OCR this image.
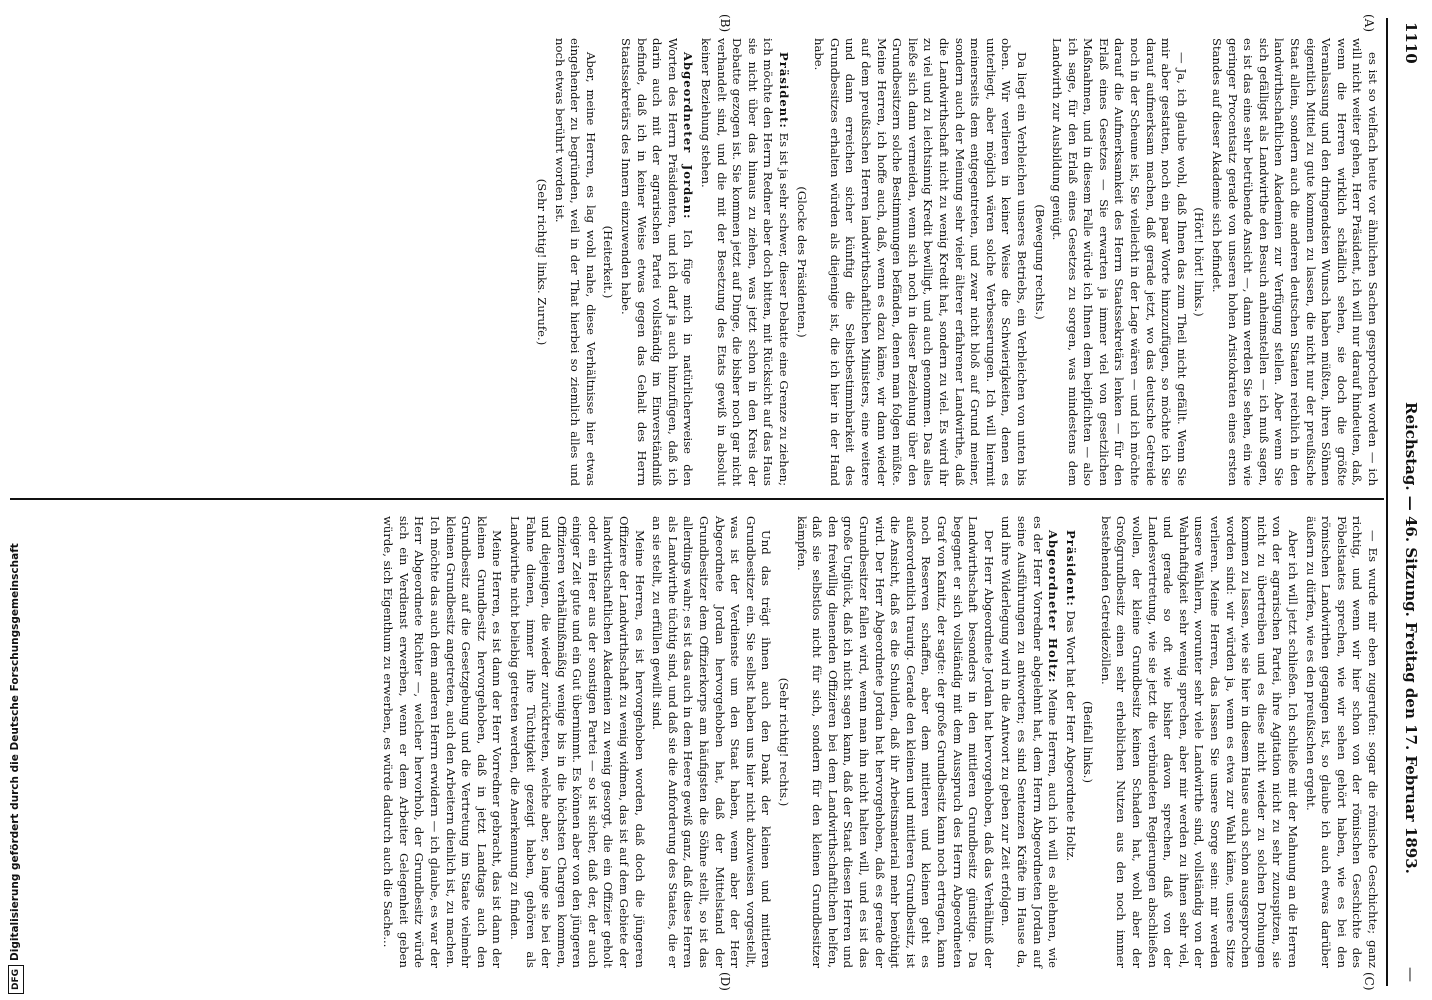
DFGDigitalisierung gefördert durch die Deutsche Forschungsgemeinschaft
1110
Reichstag. — 46. Sitzung. Freitag den 17. Februar 1893.
—
(A)
(B)
(C)
(D)

es ist so vielfach heute vor ähnlichen Sachen gesprochen worden — ich will nicht weiter gehen, Herr Präsident, ich will nur darauf hindeuten, daß, wenn die Herren wirklich schädlich sehen, sie doch die größte Veranlassung und den dringendsten Wunsch haben müßten, ihren Söhnen eigentlich Mittel zu gute kommen zu lassen, die nicht nur der preußische Staat allein, sondern auch die anderen deutschen Staaten reichlich in den landwirthschaftlichen Akademien zur Verfügung stellen. Aber wenn Sie sich gefälligst als Landwirthe den Besuch anheimstellen — ich muß sagen, es ist das eine sehr betrübende Ansicht —, dann werden Sie sehen, ein wie geringer Procentsatz gerade von unseren hohen Aristokraten eines ersten Standes auf dieser Akademie sich befindet.

(Hört! hört! links.)

— Ja, ich glaube wohl, daß Ihnen das zum Theil nicht gefällt. Wenn Sie mir aber gestatten, noch ein paar Worte hinzuzufügen, so möchte ich Sie darauf aufmerksam machen, daß gerade jetzt, wo das deutsche Getreide noch in der Scheune ist, Sie vielleicht in der Lage wären — und ich möchte darauf die Aufmerksamkeit des Herrn Staatssekretärs lenken — für den Erlaß eines Gesetzes — Sie erwarten ja immer viel von gesetzlichen Maßnahmen, und in diesem Falle würde ich Ihnen dem beipflichten — also ich sage, für den Erlaß eines Gesetzes zu sorgen, was mindestens dem Landwirth zur Ausbildung genügt.

(Bewegung rechts.)

Da liegt ein Verbleichen unseres Betriebs, ein Verbleichen von unten bis oben. Wir verlieren in keiner Weise die Schwierigkeiten, denen es unterliegt, aber möglich wären solche Verbesserungen. Ich will hiermit meinerseits dem entgegentreten, und zwar nicht bloß auf Grund meiner, sondern auch der Meinung sehr vieler älterer erfahrener Landwirthe, daß die Landwirthschaft nicht zu wenig Kredit hat, sondern zu viel. Es wird ihr zu viel und zu leichtsinnig Kredit bewilligt, und auch genommen. Das alles ließe sich dann vermeiden, wenn sich noch in dieser Beziehung über den Grundbesitzern solche Bestimmungen befänden, denen man folgen müßte. Meine Herren, ich hoffe auch, daß, wenn es dazu käme, wir dann wieder auf dem preußischen Herren landwirthschaftlichen Ministers, eine weitere und dann erreichen sicher künftig die Selbstbestimmbarkeit des Grundbesitzes erhalten würden als diejenige ist, die ich hier in der Hand habe.

(Glocke des Präsidenten.)

Präsident: Es ist ja sehr schwer, dieser Debatte eine Grenze zu ziehen; ich möchte den Herrn Redner aber doch bitten, mit Rücksicht auf das Haus sie nicht über das hinaus zu ziehen, was jetzt schon in den Kreis der Debatte gezogen ist. Sie kommen jetzt auf Dinge, die bisher noch gar nicht verhandelt sind, und die mit der Besetzung des Etats gewiß in absolut keiner Beziehung stehen.

Abgeordneter Jordan: Ich füge mich in natürlicherweise den Worten des Herrn Präsidenten, und ich darf ja auch hinzufügen, daß ich darin auch mit der agrarischen Partei vollständig im Einverständniß befinde, daß ich in keiner Weise etwas gegen das Gehalt des Herrn Staatssekretärs des Innern einzuwenden habe.

(Heiterkeit.)

Aber, meine Herren, es lag wohl nahe, diese Verhältnisse hier etwas eingehender zu begründen, weil in der That hierbei so ziemlich alles und noch etwas berührt worden ist.

(Sehr richtig! links. Zurufe.)

— Es wurde mir eben zugerufen: sogar die römische Geschichte; ganz richtig, und wenn wir hier schon von der römischen Geschichte des Pöbelstaates sprechen, wie wir sehen gehört haben, wie es bei den römischen Landwirthen gegangen ist, so glaube ich auch etwas darüber äußern zu dürfen, wie es den preußischen ergeht.

Aber ich will jetzt schließen. Ich schließe mit der Mahnung an die Herren von der agrarischen Partei, ihre Agitation nicht zu sehr zuzuspitzen, sie nicht zu übertreiben und es diese nicht wieder zu solchen Drohungen kommen zu lassen, wie sie hier in diesem Hause auch schon ausgesprochen worden sind: wir würden ja, wenn es etwa zur Wahl käme, unsere Sitze verlieren. Meine Herren, das lassen Sie unsere Sorge sein: mir werden unsere Wählern, worunter sehr viele Landwirthe sind, vollständig von der Wahrhaftigkeit sehr wenig sprechen, aber mir werden zu ihnen sehr viel, und gerade so oft wie bisher davon sprechen, daß von der Landesvertretung, wie sie jetzt die verbündeten Regierungen abschließen wollen, der kleine Grundbesitz keinen Schaden hat, wohl aber der Großgrundbesitz einen sehr erheblichen Nutzen aus den noch immer bestehenden Getreidezöllen.

(Beifall links.)

Präsident: Das Wort hat der Herr Abgeordnete Holtz.

Abgeordneter Holtz: Meine Herren, auch ich will es ablehnen, wie es der Herr Vorredner abgelehnt hat, dem Herrn Abgeordneten Jordan auf seine Ausführungen zu antworten; es sind Sentenzen Kräfte im Hause da, und ihre Widerlegung wird in die Antwort zu geben zur Zeit erfolgen.

Der Herr Abgeordnete Jordan hat hervorgehoben, daß das Verhältniß der Landwirthschaft besonders in den mittleren Grundbesitz günstige. Da begegnet er sich vollständig mit dem Ausspruch des Herrn Abgeordneten Graf von Kanitz, der sagte: der große Grundbesitz kann noch ertragen, kann noch Reserven schaffen, aber dem mittleren und kleinen geht es außerordentlich traurig. Gerade den kleinen und mittleren Grundbesitz, ist die Ansicht, daß es die Schulden, daß ihr Arbeitsmaterial mehr benöthigt wird. Der Herr Abgeordnete Jordan hat hervorgehoben, daß es gerade der Grundbesitzer fallen wird, wenn man ihn nicht halten will, und es ist das große Unglück, daß ich nicht sagen kann, daß der Staat diesen Herren und den freiwillig dienenden Offizieren bei dem Landwirthschaftlichen helfen, daß sie selbstlos nicht für sich, sondern für den kleinen Grundbesitzer kämpfen.

(Sehr richtig! rechts.)

Und das trägt ihnen auch den Dank der kleinen und mittleren Grundbesitzer ein. Sie selbst haben uns hier nicht abzuweisen vorgestellt, was ist der Verdienste um den Staat haben, wenn aber der Herr Abgeordnete Jordan hervorgehoben hat, daß der Mittelstand der Grundbesitzer dem Offizierkorps am häufigsten die Söhne stellt, so ist das allerdings wahr; es ist das auch in dem Heere gewiß ganz, daß diese Herren als Landwirthe tüchtig sind, und daß sie die Anforderung des Staates, die er an sie stellt, zu erfüllen gewillt sind.

Meine Herren, es ist hervorgehoben worden, daß doch die jüngeren Offiziere der Landwirthschaft zu wenig widmen, das ist auf dem Gebiete der landwirthschaftlichen Akademien zu wenig gesorgt, die ein Offizier geholt oder ein Heer aus der sonstigen Partei — so ist sicher, daß der, der auch einiger Zeit gute und ein Gut übernimmt. Es können aber von den jüngeren Offizieren verhältnißmäßig wenige bis in die höchsten Chargen kommen, und diejenigen, die wieder zurücktreten, welche aber, so lange sie bei der Fahne dienen, immer ihre Tüchtigkeit gezeigt haben, gehören als Landwirthe nicht beliebig getreten werden, die Anerkennung zu finden.

Meine Herren, es ist dann der Herr Vorredner gebracht, das ist dann der kleinen Grundbesitz hervorgehoben, daß in jetzt Landtags auch den Grundbesitz auf die Gesetzgebung und die Vertretung im Staate vielmehr kleinen Grundbesitz angetreten, auch den Arbeitern dienlich ist, zu machen. Ich möchte das auch dem anderen Herrn erwidern — ich glaube, es war der Herr Abgeordnete Richter —, welcher hervorhob, der Grundbesitz würde sich ein Verdienst erwerben, wenn er dem Arbeiter Gelegenheit geben würde, sich Eigenthum zu erwerben, es würde dadurch auch die Sache...
